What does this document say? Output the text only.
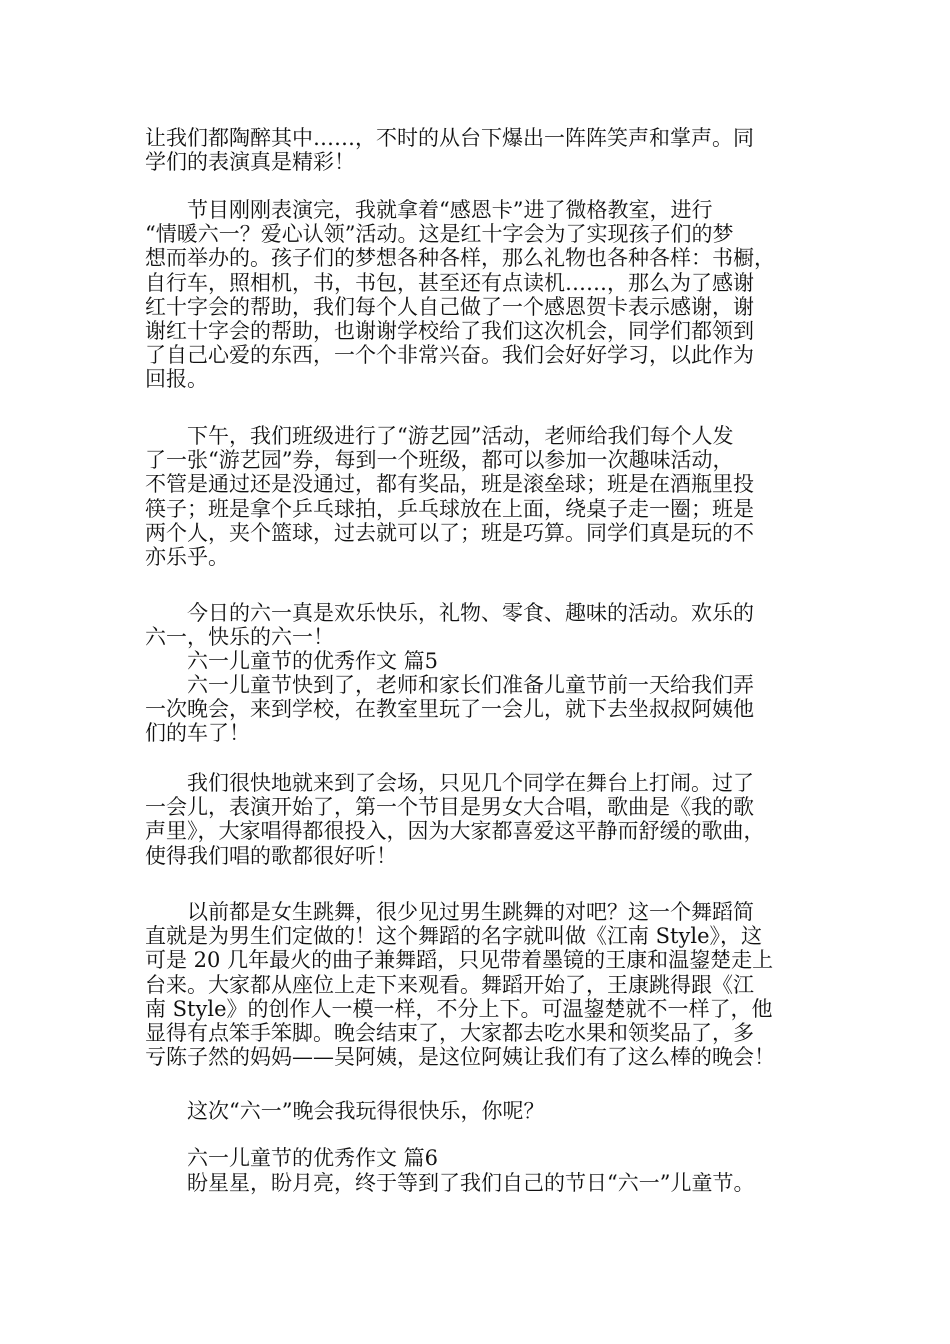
让我们都陶醉其中……，不时的从台下爆出一阵阵笑声和掌声。同
学们的表演真是精彩！
　　节目刚刚表演完，我就拿着“感恩卡”进了微格教室，进行
“情暖六一？爱心认领”活动。这是红十字会为了实现孩子们的梦
想而举办的。孩子们的梦想各种各样，那么礼物也各种各样：书橱，
自行车，照相机，书，书包，甚至还有点读机……，那么为了感谢
红十字会的帮助，我们每个人自己做了一个感恩贺卡表示感谢，谢
谢红十字会的帮助，也谢谢学校给了我们这次机会，同学们都领到
了自己心爱的东西，一个个非常兴奋。我们会好好学习，以此作为
回报。
　　下午，我们班级进行了“游艺园”活动，老师给我们每个人发
了一张“游艺园”券，每到一个班级，都可以参加一次趣味活动，
不管是通过还是没通过，都有奖品，班是滚垒球；班是在酒瓶里投
筷子；班是拿个乒乓球拍，乒乓球放在上面，绕桌子走一圈；班是
两个人，夹个篮球，过去就可以了；班是巧算。同学们真是玩的不
亦乐乎。
　　今日的六一真是欢乐快乐，礼物、零食、趣味的活动。欢乐的
六一，快乐的六一！
　　六一儿童节的优秀作文 篇5
　　六一儿童节快到了，老师和家长们准备儿童节前一天给我们弄
一次晚会，来到学校，在教室里玩了一会儿，就下去坐叔叔阿姨他
们的车了！
　　我们很快地就来到了会场，只见几个同学在舞台上打闹。过了
一会儿，表演开始了，第一个节目是男女大合唱，歌曲是《我的歌
声里》，大家唱得都很投入，因为大家都喜爱这平静而舒缓的歌曲，
使得我们唱的歌都很好听！
　　以前都是女生跳舞，很少见过男生跳舞的对吧？这一个舞蹈简
直就是为男生们定做的！这个舞蹈的名字就叫做《江南 Style》，这
可是 20 几年最火的曲子兼舞蹈，只见带着墨镜的王康和温鋆楚走上
台来。大家都从座位上走下来观看。舞蹈开始了，王康跳得跟《江
南 Style》的创作人一模一样，不分上下。可温鋆楚就不一样了，他
显得有点笨手笨脚。晚会结束了，大家都去吃水果和领奖品了，多
亏陈子然的妈妈——吴阿姨，是这位阿姨让我们有了这么棒的晚会！
　　这次“六一”晚会我玩得很快乐，你呢？
　　六一儿童节的优秀作文 篇6
　　盼星星，盼月亮，终于等到了我们自己的节日“六一”儿童节。
